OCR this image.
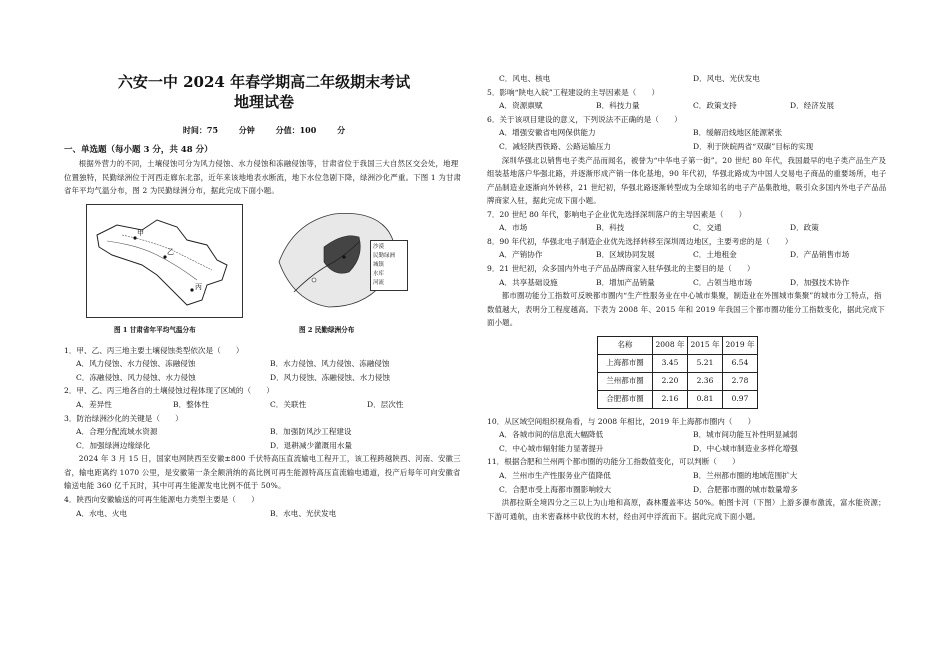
六安一中 2024 年春学期高二年级期末考试
地理试卷
时间：75 分钟	分值：100 分
一、单选题（每小题 3 分，共 48 分）
根据外营力的不同，土壤侵蚀可分为风力侵蚀、水力侵蚀和冻融侵蚀等，甘肃省位于我国三大自然区交会处，地理位置独特，民勤绿洲位于河西走廊东北部，近年来该地地表水断流，地下水位急剧下降，绿洲沙化严重。下图 1 为甘肃省年平均气温分布，图 2 为民勤绿洲分布，据此完成下面小题。
甲
乙
丙
图 1 甘肃省年平均气温分布
沙漠
民勤绿洲
城镇
水库
河流
图 2 民勤绿洲分布
1．甲、乙、丙三地主要土壤侵蚀类型依次是（　　）
A．风力侵蚀、水力侵蚀、冻融侵蚀	B．水力侵蚀、风力侵蚀、冻融侵蚀
C．冻融侵蚀、风力侵蚀、水力侵蚀	D．风力侵蚀、冻融侵蚀、水力侵蚀
2．甲、乙、丙三地各自的土壤侵蚀过程体现了区域的（　　）
A．差异性	B．整体性	C．关联性	D．层次性
3．防治绿洲沙化的关键是（　　）
A．合理分配流域水资源	B．加强防风沙工程建设
C．加强绿洲边缘绿化	D．退耕减少灌溉用水量
2024 年 3 月 15 日，国家电网陕西至安徽±800 千伏特高压直流输电工程开工，该工程跨越陕西、河南、安徽三省，输电距离约 1070 公里，是安徽第一条全额消纳的高比例可再生能源特高压直流输电通道，投产后每年可向安徽省输送电能 360 亿千瓦时，其中可再生能源发电比例不低于 50%。
4．陕西向安徽输送的可再生能源电力类型主要是（　　）
A．水电、火电	B．水电、光伏发电
C．风电、核电	D．风电、光伏发电
5．影响“陕电入皖”工程建设的主导因素是（　　）
A．资源禀赋	B．科技力量	C．政策支持	D．经济发展
6．关于该项目建设的意义，下列说法不正确的是（　　）
A．增强安徽省电网保供能力	B．缓解沿线地区能源紧张
C．减轻陕西铁路、公路运输压力	D．利于陕皖两省“双碳”目标的实现
深圳华强北以销售电子类产品而闻名，被誉为“中华电子第一街”。20 世纪 80 年代，我国最早的电子类产品生产及组装基地落户华强北路，并逐渐形成产销一体化基地，90 年代初，华强北路成为中国人交易电子商品的重要场所，电子产品制造业逐渐向外转移，21 世纪初，华强北路逐渐转型成为全球知名的电子产品集散地，吸引众多国内外电子产品品牌商家入驻，据此完成下面小题。
7．20 世纪 80 年代，影响电子企业优先选择深圳落户的主导因素是（　　）
A．市场	B．科技	C．交通	D．政策
8．90 年代初，华强北电子制造企业优先选择转移至深圳周边地区，主要考虑的是（　　）
A．产销协作	B．区域协同发展	C．土地租金	D．产品销售市场
9．21 世纪初，众多国内外电子产品品牌商家入驻华强北的主要目的是（　　）
A．共享基础设施	B．增加产品销量	C．占领当地市场	D．加强技术协作
都市圈功能分工指数可反映都市圈内“生产性服务业在中心城市集聚，制造业在外围城市集聚”的城市分工特点，指数值越大，表明分工程度越高。下表为 2008 年、2015 年和 2019 年我国三个都市圈功能分工指数变化，据此完成下面小题。
名称	2008 年	2015 年	2019 年
上海都市圈	3.45	5.21	6.54
兰州都市圈	2.20	2.36	2.78
合肥都市圈	2.16	0.81	0.97
10．从区域空间组织视角看，与 2008 年相比，2019 年上海都市圈内（　　）
A．各城市间的信息流大幅降低	B．城市间功能互补性明显减弱
C．中心城市辐射能力显著提升	D．中心城市制造业多样化增强
11．根据合肥和兰州两个都市圈的功能分工指数值变化，可以判断（　　）
A．兰州市生产性服务业产值降低	B．兰州都市圈的地域范围扩大
C．合肥市受上海都市圈影响较大	D．合肥都市圈的城市数量增多
洪都拉斯全境四分之三以上为山地和高原，森林覆盖率达 50%。帕图卡河（下图）上游多瀑布激流，富水能资源；下游可通航，由米密森林中砍伐的木材，经由河中浮流而下。据此完成下面小题。
